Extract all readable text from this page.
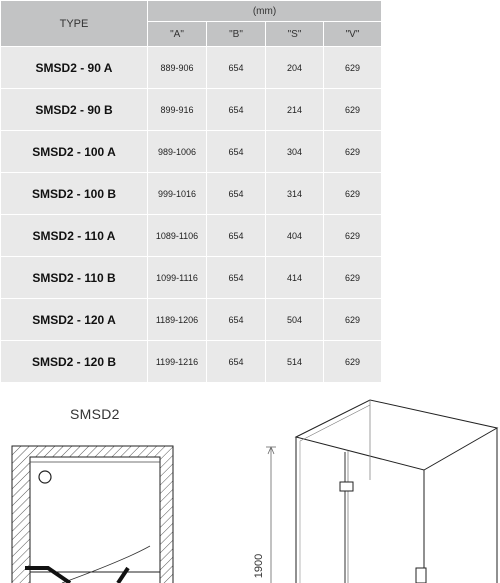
TYPE	(mm)			
	"A"	"B"	"S"	"V"
SMSD2 - 90 A	889-906	654	204	629
SMSD2 - 90 B	899-916	654	214	629
SMSD2 - 100 A	989-1006	654	304	629
SMSD2 - 100 B	999-1016	654	314	629
SMSD2 - 110 A	1089-1106	654	404	629
SMSD2 - 110 B	1099-1116	654	414	629
SMSD2 - 120 A	1189-1206	654	504	629
SMSD2 - 120 B	1199-1216	654	514	629
SMSD2
1900
